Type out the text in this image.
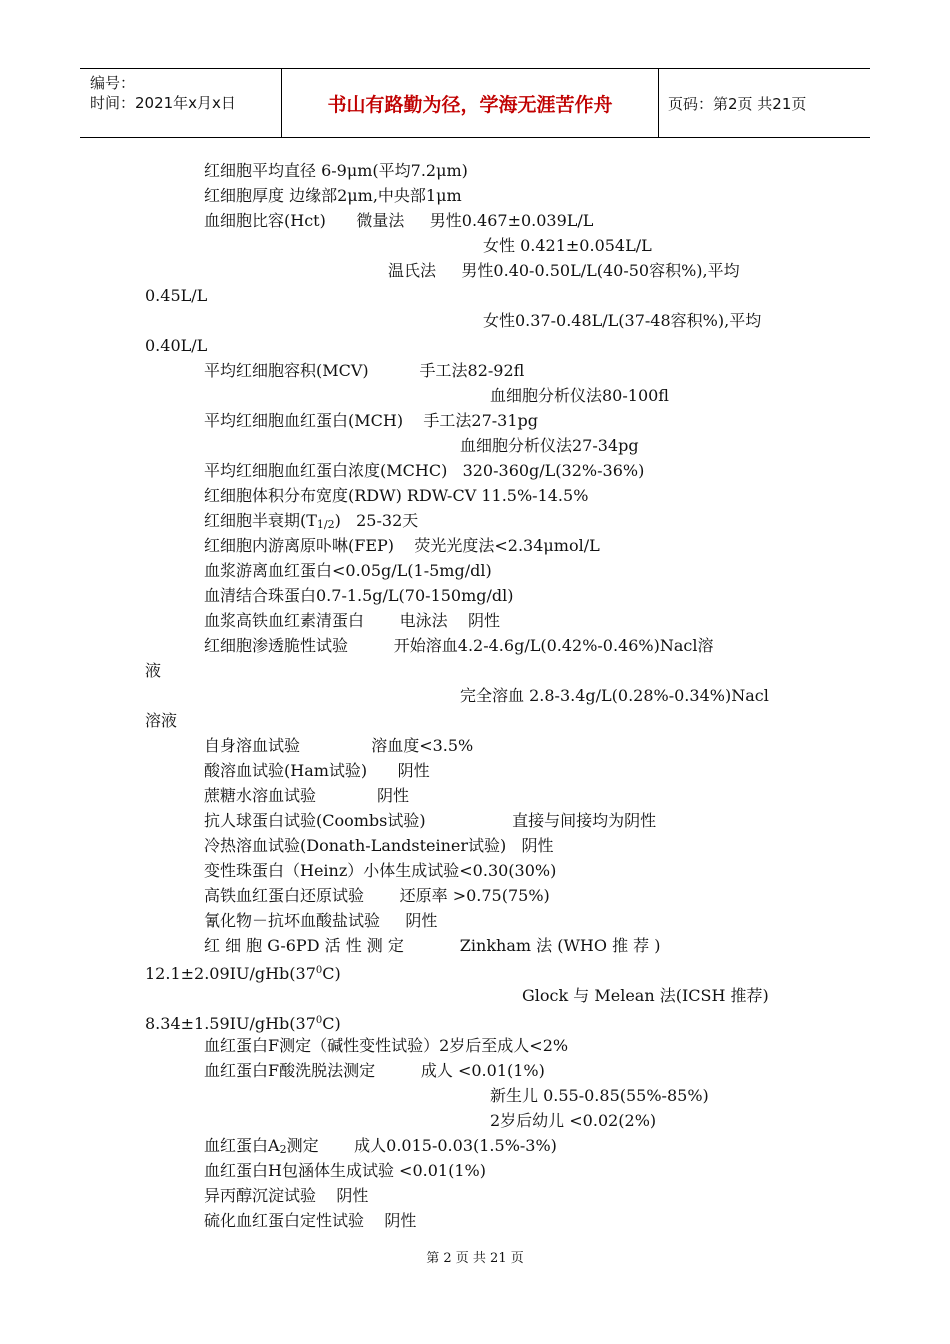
编号：
时间：2021年x月x日	书山有路勤为径，学海无涯苦作舟	页码：第2页 共21页
红细胞平均直径 6-9μm(平均7.2μm)
红细胞厚度 边缘部2μm,中央部1μm
血细胞比容(Hct)      微量法     男性0.467±0.039L/L
女性 0.421±0.054L/L
温氏法     男性0.40-0.50L/L(40-50容积%),平均
0.45L/L
女性0.37-0.48L/L(37-48容积%),平均
0.40L/L
平均红细胞容积(MCV)          手工法82-92fl
血细胞分析仪法80-100fl
平均红细胞血红蛋白(MCH)    手工法27-31pg
血细胞分析仪法27-34pg
平均红细胞血红蛋白浓度(MCHC)   320-360g/L(32%-36%)
红细胞体积分布宽度(RDW) RDW-CV 11.5%-14.5%
红细胞半衰期(T1/2)   25-32天
红细胞内游离原卟啉(FEP)    荧光光度法<2.34μmol/L
血浆游离血红蛋白<0.05g/L(1-5mg/dl)
血清结合珠蛋白0.7-1.5g/L(70-150mg/dl)
血浆高铁血红素清蛋白       电泳法    阴性
红细胞渗透脆性试验         开始溶血4.2-4.6g/L(0.42%-0.46%)Nacl溶
液
完全溶血 2.8-3.4g/L(0.28%-0.34%)Nacl
溶液
自身溶血试验              溶血度<3.5%
酸溶血试验(Ham试验)      阴性
蔗糖水溶血试验            阴性
抗人球蛋白试验(Coombs试验)                 直接与间接均为阴性
冷热溶血试验(Donath-Landsteiner试验)   阴性
变性珠蛋白（Heinz）小体生成试验<0.30(30%)
高铁血红蛋白还原试验       还原率 >0.75(75%)
氰化物－抗坏血酸盐试验     阴性
红 细 胞 G-6PD 活 性 测 定           Zinkham 法 (WHO 推 荐 )
$12.1\pm 2.09IU/gHb(37^0C)$
Glock 与 Melean 法(ICSH 推荐)
$8.34\pm 1.59IU/gHb(37^0C)$
血红蛋白F测定（碱性变性试验）2岁后至成人<2%
血红蛋白F酸洗脱法测定         成人 <0.01(1%)
新生儿 0.55-0.85(55%-85%)
2岁后幼儿 <0.02(2%)
血红蛋白A2测定       成人0.015-0.03(1.5%-3%)
血红蛋白H包涵体生成试验 <0.01(1%)
异丙醇沉淀试验    阴性
硫化血红蛋白定性试验    阴性
第 2 页 共 21 页
